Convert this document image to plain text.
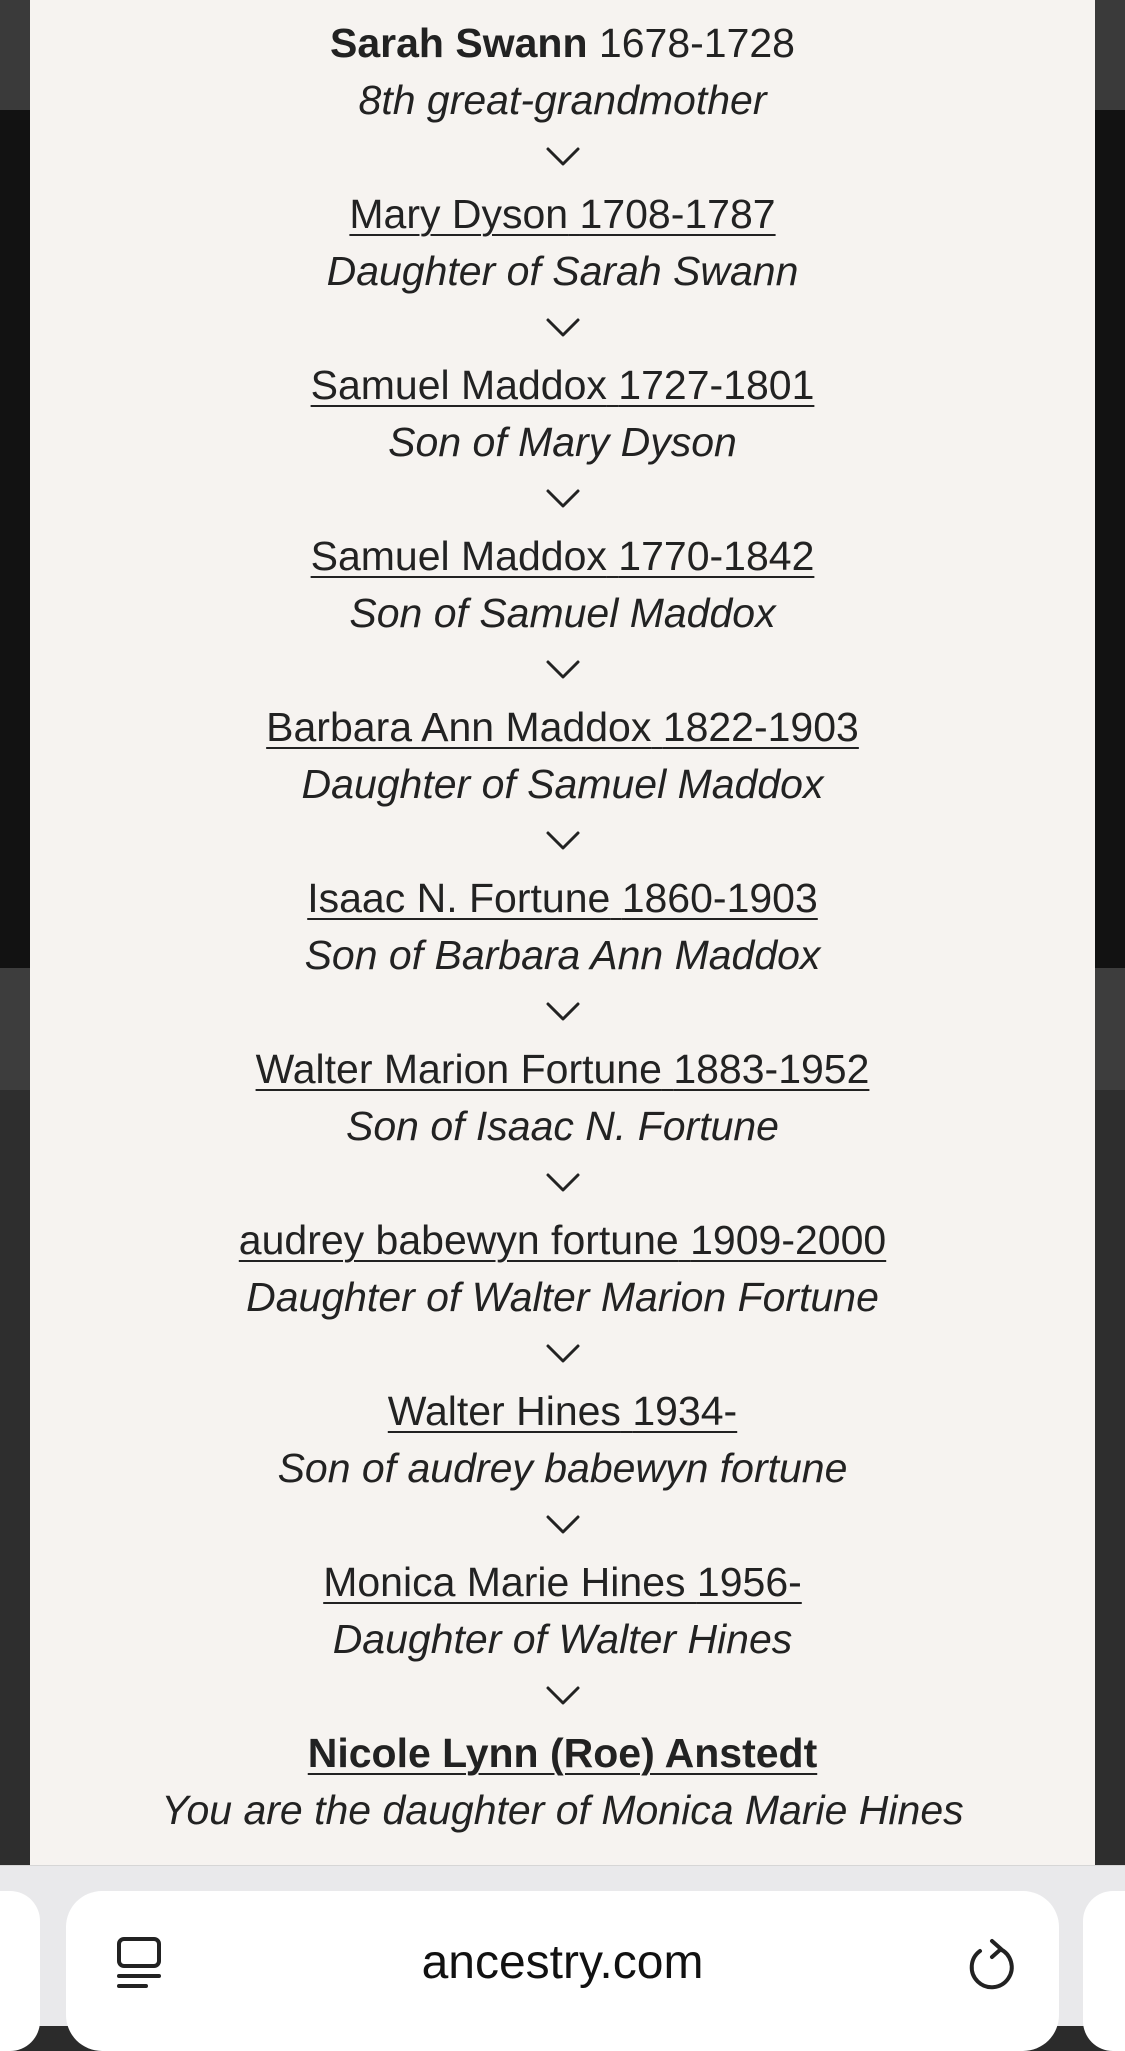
Sarah Swann 1678-1728
8th great-grandmother
Mary Dyson 1708-1787
Daughter of Sarah Swann
Samuel Maddox 1727-1801
Son of Mary Dyson
Samuel Maddox 1770-1842
Son of Samuel Maddox
Barbara Ann Maddox 1822-1903
Daughter of Samuel Maddox
Isaac N. Fortune 1860-1903
Son of Barbara Ann Maddox
Walter Marion Fortune 1883-1952
Son of Isaac N. Fortune
audrey babewyn fortune 1909-2000
Daughter of Walter Marion Fortune
Walter Hines 1934-
Son of audrey babewyn fortune
Monica Marie Hines 1956-
Daughter of Walter Hines
Nicole Lynn (Roe) Anstedt
You are the daughter of Monica Marie Hines
ancestry.com
